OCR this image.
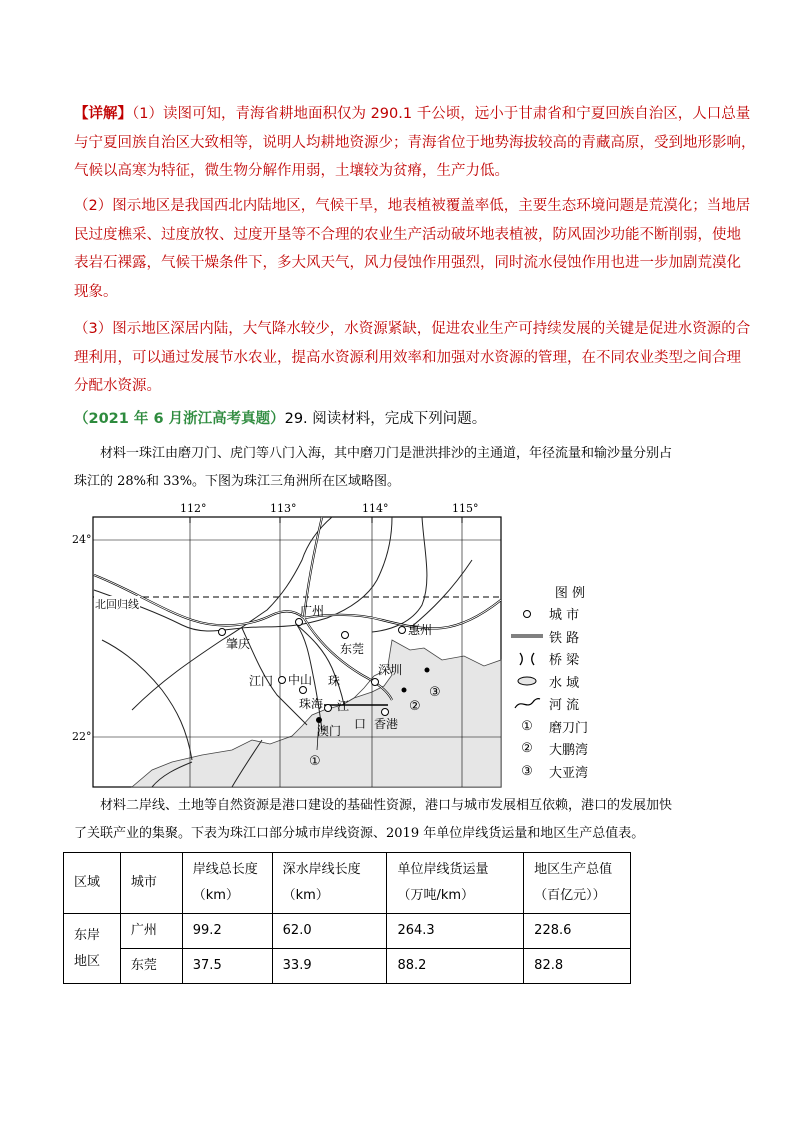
【详解】（1）读图可知，青海省耕地面积仅为 290.1 千公顷，远小于甘肃省和宁夏回族自治区，人口总量
与宁夏回族自治区大致相等，说明人均耕地资源少；青海省位于地势海拔较高的青藏高原，受到地形影响，
气候以高寒为特征，微生物分解作用弱，土壤较为贫瘠，生产力低。
（2）图示地区是我国西北内陆地区，气候干旱，地表植被覆盖率低，主要生态环境问题是荒漠化；当地居
民过度樵采、过度放牧、过度开垦等不合理的农业生产活动破坏地表植被，防风固沙功能不断削弱，使地
表岩石裸露，气候干燥条件下，多大风天气，风力侵蚀作用强烈，同时流水侵蚀作用也进一步加剧荒漠化
现象。
（3）图示地区深居内陆，大气降水较少，水资源紧缺，促进农业生产可持续发展的关键是促进水资源的合
理利用，可以通过发展节水农业，提高水资源利用效率和加强对水资源的管理，在不同农业类型之间合理
分配水资源。
（2021 年 6 月浙江高考真题）29. 阅读材料，完成下列问题。
材料一珠江由磨刀门、虎门等八门入海，其中磨刀门是泄洪排沙的主通道，年径流量和输沙量分别占
珠江的 28%和 33%。下图为珠江三角洲所在区域略图。
112°	113°	114°	115°
广州
肇庆	东莞
惠州
深圳
江门 中山
珠海
澳门	香港
珠
江
口
①
②
③
24°
22°
北回归线
图 例
城 市
铁 路
桥 梁
水 域
河 流
①	磨刀门
②	大鹏湾
③	大亚湾
材料二岸线、土地等自然资源是港口建设的基础性资源，港口与城市发展相互依赖，港口的发展加快
了关联产业的集聚。下表为珠江口部分城市岸线资源、2019 年单位岸线货运量和地区生产总值表。
区域	城市	岸线总长度（km）	深水岸线长度（km）	单位岸线货运量（万吨/km）	地区生产总值（百亿元））
东岸地区	广州	99.2	62.0	264.3	228.6
	东莞	37.5	33.9	88.2	82.8
